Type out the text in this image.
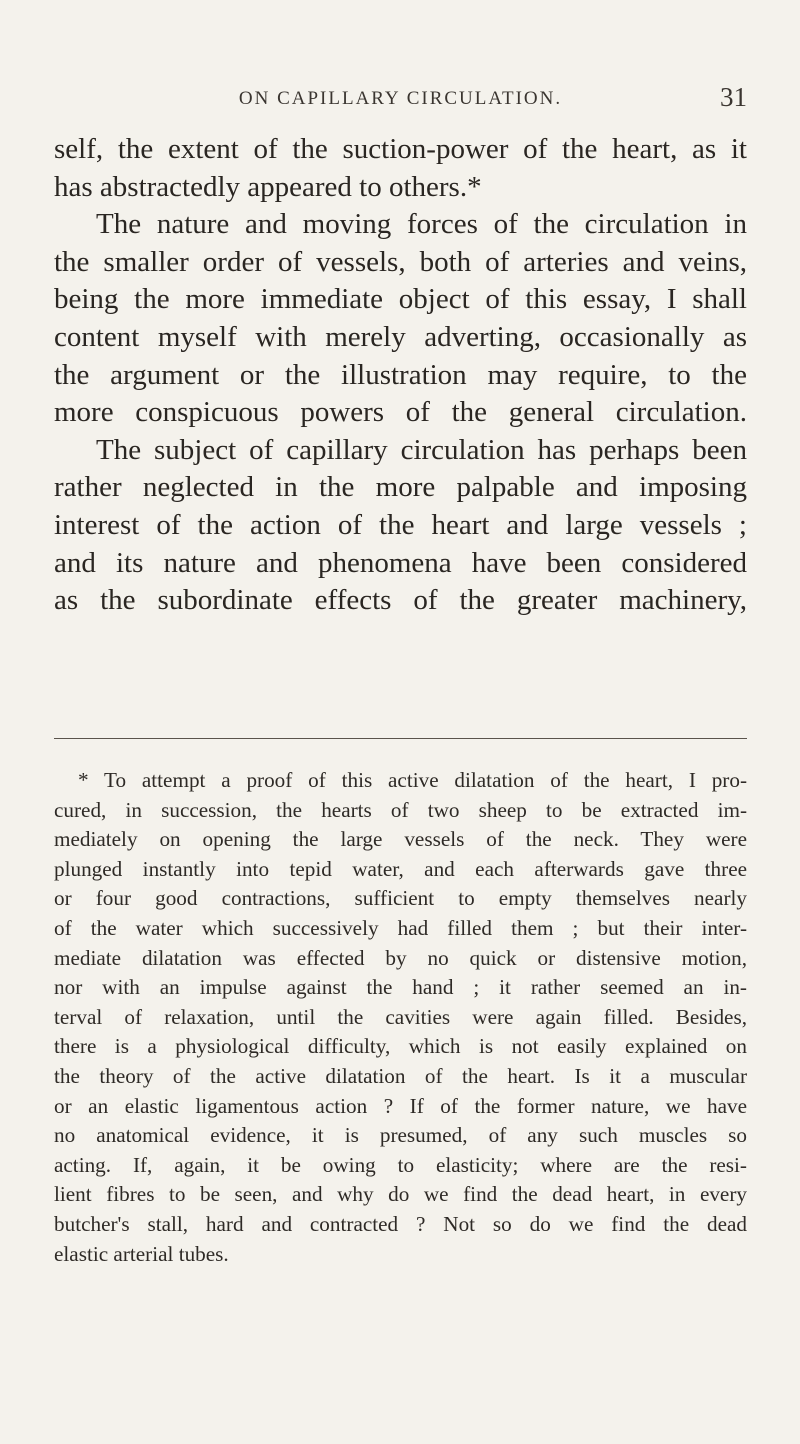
ON CAPILLARY CIRCULATION.	31
self, the extent of the suction-power of the heart, as it
has abstractedly appeared to others.*
The nature and moving forces of the circulation in
the smaller order of vessels, both of arteries and veins,
being the more immediate object of this essay, I shall
content myself with merely adverting, occasionally as
the argument or the illustration may require, to the
more conspicuous powers of the general circulation.
The subject of capillary circulation has perhaps been
rather neglected in the more palpable and imposing
interest of the action of the heart and large vessels ;
and its nature and phenomena have been considered
as the subordinate effects of the greater machinery,
* To attempt a proof of this active dilatation of the heart, I pro-
cured, in succession, the hearts of two sheep to be extracted im-
mediately on opening the large vessels of the neck. They were
plunged instantly into tepid water, and each afterwards gave three
or four good contractions, sufficient to empty themselves nearly
of the water which successively had filled them ; but their inter-
mediate dilatation was effected by no quick or distensive motion,
nor with an impulse against the hand ; it rather seemed an in-
terval of relaxation, until the cavities were again filled. Besides,
there is a physiological difficulty, which is not easily explained on
the theory of the active dilatation of the heart. Is it a muscular
or an elastic ligamentous action ? If of the former nature, we have
no anatomical evidence, it is presumed, of any such muscles so
acting. If, again, it be owing to elasticity; where are the resi-
lient fibres to be seen, and why do we find the dead heart, in every
butcher's stall, hard and contracted ? Not so do we find the dead
elastic arterial tubes.
